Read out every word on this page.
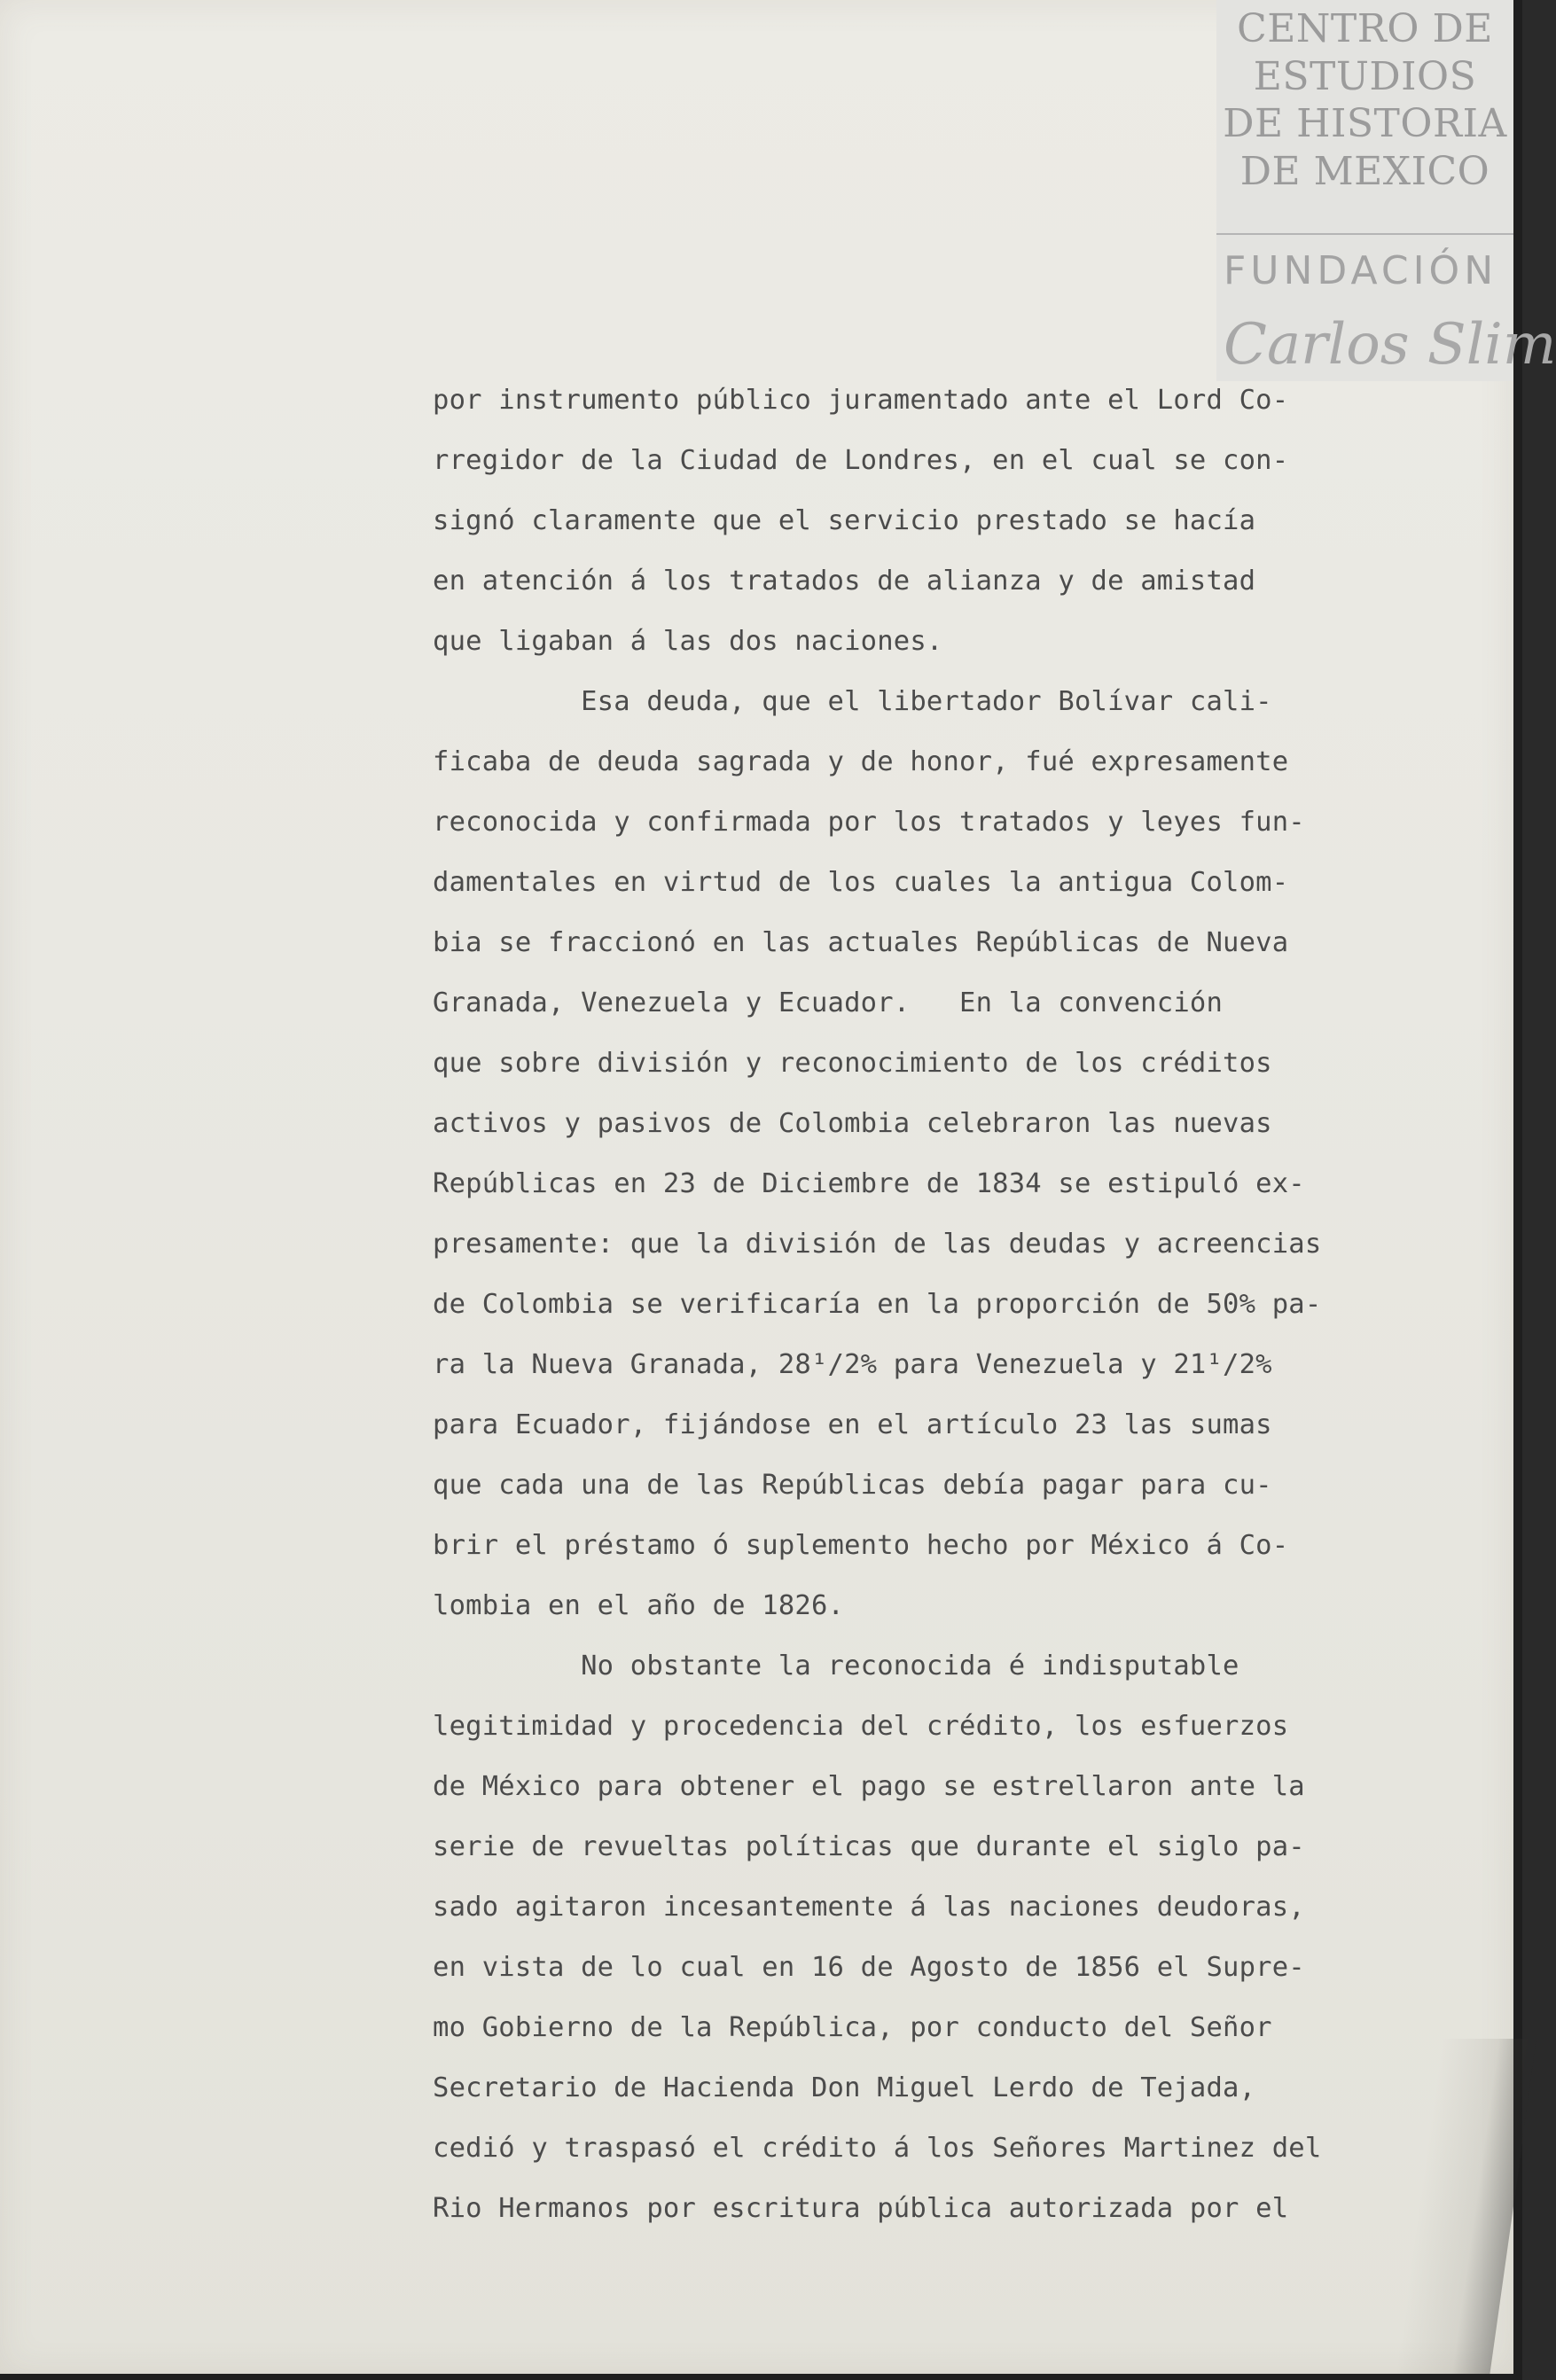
CENTRO DE
ESTUDIOS
DE HISTORIA
DE MEXICO
FUNDACIÓN
Carlos Slim
por instrumento público juramentado ante el Lord Co-
rregidor de la Ciudad de Londres, en el cual se con-
signó claramente que el servicio prestado se hacía
en atención á los tratados de alianza y de amistad
que ligaban á las dos naciones.
Esa deuda, que el libertador Bolívar cali-
ficaba de deuda sagrada y de honor, fué expresamente
reconocida y confirmada por los tratados y leyes fun-
damentales en virtud de los cuales la antigua Colom-
bia se fraccionó en las actuales Repúblicas de Nueva
Granada, Venezuela y Ecuador.   En la convención
que sobre división y reconocimiento de los créditos
activos y pasivos de Colombia celebraron las nuevas
Repúblicas en 23 de Diciembre de 1834 se estipuló ex-
presamente: que la división de las deudas y acreencias
de Colombia se verificaría en la proporción de 50% pa-
ra la Nueva Granada, 28¹/2% para Venezuela y 21¹/2%
para Ecuador, fijándose en el artículo 23 las sumas
que cada una de las Repúblicas debía pagar para cu-
brir el préstamo ó suplemento hecho por México á Co-
lombia en el año de 1826.
No obstante la reconocida é indisputable
legitimidad y procedencia del crédito, los esfuerzos
de México para obtener el pago se estrellaron ante la
serie de revueltas políticas que durante el siglo pa-
sado agitaron incesantemente á las naciones deudoras,
en vista de lo cual en 16 de Agosto de 1856 el Supre-
mo Gobierno de la República, por conducto del Señor
Secretario de Hacienda Don Miguel Lerdo de Tejada,
cedió y traspasó el crédito á los Señores Martinez del
Rio Hermanos por escritura pública autorizada por el
